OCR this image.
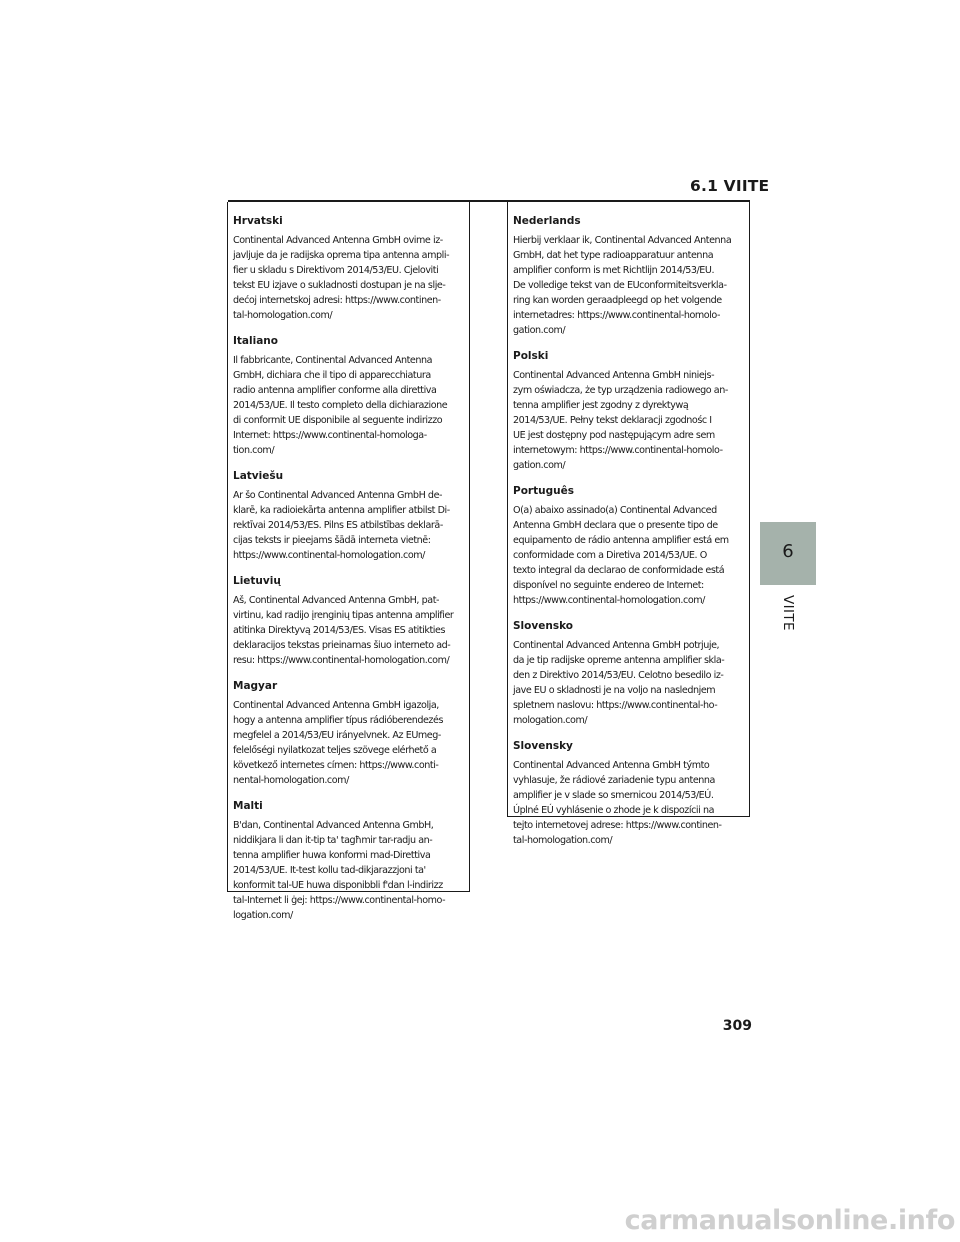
6.1 VIITE
Hrvatski
Continental Advanced Antenna GmbH ovime iz-
javljuje da je radijska oprema tipa antenna ampli-
fier u skladu s Direktivom 2014/53/EU. Cjeloviti
tekst EU izjave o sukladnosti dostupan je na slje-
dećoj internetskoj adresi: https://www.continen-
tal-homologation.com/
Italiano
Il fabbricante, Continental Advanced Antenna
GmbH, dichiara che il tipo di apparecchiatura
radio antenna amplifier conforme alla direttiva
2014/53/UE. Il testo completo della dichiarazione
di conformit UE disponibile al seguente indirizzo
Internet: https://www.continental-homologa-
tion.com/
Latviešu
Ar šo Continental Advanced Antenna GmbH de-
klarē, ka radioiekārta antenna amplifier atbilst Di-
rektīvai 2014/53/ES. Pilns ES atbilstības deklarā-
cijas teksts ir pieejams šādā interneta vietnē:
https://www.continental-homologation.com/
Lietuvių
Aš, Continental Advanced Antenna GmbH, pat-
virtinu, kad radijo įrenginių tipas antenna amplifier
atitinka Direktyvą 2014/53/ES. Visas ES atitikties
deklaracijos tekstas prieinamas šiuo interneto ad-
resu: https://www.continental-homologation.com/
Magyar
Continental Advanced Antenna GmbH igazolja,
hogy a antenna amplifier típus rádióberendezés
megfelel a 2014/53/EU irányelvnek. Az EUmeg-
felelőségi nyilatkozat teljes szövege elérhető a
következő internetes címen: https://www.conti-
nental-homologation.com/
Malti
B'dan, Continental Advanced Antenna GmbH,
niddikjara li dan it-tip ta' tagħmir tar-radju an-
tenna amplifier huwa konformi mad-Direttiva
2014/53/UE. It-test kollu tad-dikjarazzjoni ta'
konformit tal-UE huwa disponibbli f'dan l-indirizz
tal-Internet li ġej: https://www.continental-homo-
logation.com/
Nederlands
Hierbij verklaar ik, Continental Advanced Antenna
GmbH, dat het type radioapparatuur antenna
amplifier conform is met Richtlijn 2014/53/EU.
De volledige tekst van de EUconformiteitsverkla-
ring kan worden geraadpleegd op het volgende
internetadres: https://www.continental-homolo-
gation.com/
Polski
Continental Advanced Antenna GmbH niniejs-
zym oświadcza, że typ urządzenia radiowego an-
tenna amplifier jest zgodny z dyrektywą
2014/53/UE. Pełny tekst deklaracji zgodnośc I
UE jest dostępny pod następującym adre sem
internetowym: https://www.continental-homolo-
gation.com/
Português
O(a) abaixo assinado(a) Continental Advanced
Antenna GmbH declara que o presente tipo de
equipamento de rádio antenna amplifier está em
conformidade com a Diretiva 2014/53/UE. O
texto integral da declarao de conformidade está
disponível no seguinte endereo de Internet:
https://www.continental-homologation.com/
Slovensko
Continental Advanced Antenna GmbH potrjuje,
da je tip radijske opreme antenna amplifier skla-
den z Direktivo 2014/53/EU. Celotno besedilo iz-
jave EU o skladnosti je na voljo na naslednjem
spletnem naslovu: https://www.continental-ho-
mologation.com/
Slovensky
Continental Advanced Antenna GmbH týmto
vyhlasuje, že rádiové zariadenie typu antenna
amplifier je v slade so smernicou 2014/53/EÚ.
Úplné EÚ vyhlásenie o zhode je k dispozícii na
tejto internetovej adrese: https://www.continen-
tal-homologation.com/
6
VIITE
309
carmanualsonline.info
